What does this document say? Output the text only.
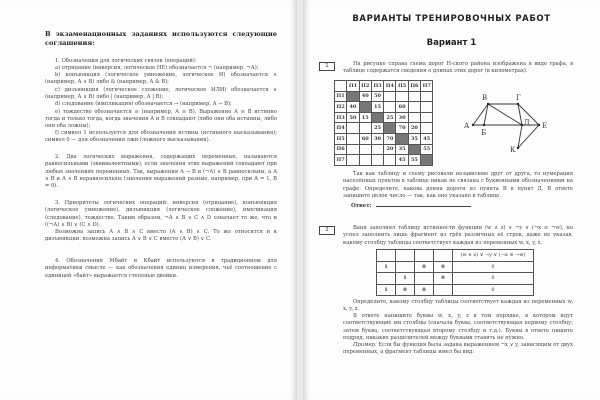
В экзаменационных заданиях используются следующие соглашения:
1. Обозначения для логических связок (операций):
a) отрицание (инверсия, логическое НЕ) обозначается ¬ (например, ¬А);
b) конъюнкция (логическое умножение, логическое И) обозначается ∧ (например, А ∧ В) либо & (например, А & В);
c) дизъюнкция (логическое сложение, логическое ИЛИ) обозначается ∨ (например, А ∨ В) либо | (например, А | В);
d) следование (импликация) обозначается → (например, А → В);
e) тождество обозначается ≡ (например, А ≡ В). Выражение А ≡ В истинно тогда и только тогда, когда значения А и В совпадают (либо они оба истинны, либо они оба ложны);
f) символ 1 используется для обозначения истины (истинного высказывания); символ 0 — для обозначения лжи (ложного высказывания).
2. Два логических выражения, содержащих переменные, называются равносильными (эквивалентными), если значения этих выражений совпадают при любых значениях переменных. Так, выражения А → В и (¬А) ∨ В равносильны, а А ∨ В и А ∧ В неравносильны (значения выражений разные, например, при А = 1, В = 0).
3. Приоритеты логических операций: инверсия (отрицание), конъюнкция (логическое умножение), дизъюнкция (логическое сложение), импликация (следование), тождество. Таким образом, ¬А ∧ В ∨ С ∧ D означает то же, что и ((¬А) ∧ В) ∨ (С ∧ D).
Возможна запись А ∧ В ∧ С вместо (А ∧ В) ∧ С. То же относится и к дизъюнкции: возможна запись А ∨ В ∨ С вместо (А ∨ В) ∨ С.
4. Обозначения Мбайт и Кбайт используются в традиционном для информатики смысле — как обозначения единиц измерения, чьё соотношение с единицей «байт» выражается степенью двойки.
ВАРИАНТЫ ТРЕНИРОВОЧНЫХ РАБОТ
Вариант 1
1	На рисунке справа схема дорог Н-ского района изображена в виде графа, в таблице содержатся сведения о длинах этих дорог (в километрах).
	П1	П2	П3	П4	П5	П6	П7
П1		40	50				
П2	40		15		60		
П3	50	15		25	30		
П4			25		70	20	
П5		60	30	70		35	45
П6				20	35		55
П7					45	55	
А
Б
В	Г
Д Е
К
Так как таблицу и схему рисовали независимо друг от друга, то нумерация населённых пунктов в таблице никак не связана с буквенными обозначениями на графе. Определите, какова длина дороги из пункта В в пункт Д. В ответе запишите целое число — так, как оно указано в таблице.
Ответ:
2	Ваня заполнял таблицу истинности функции (w ∧ z) ∨ ¬y ∨ (¬x ≡ ¬w), но успел заполнить лишь фрагмент из трёх различных её строк, даже не указав, какому столбцу таблицы соответствует каждая из переменных w, x, y, z.
				(w ∧ z) ∨ ¬y ∨ (¬x ≡ ¬w)
1		0	0	0
	1		0	0
1	0	0		0
Определите, какому столбцу таблицы соответствует каждая из переменных w, x, y, z.
В ответе напишите буквы w, x, y, z в том порядке, в котором идут соответствующие им столбцы (сначала буква, соответствующая первому столбцу; затем буква, соответствующая второму столбцу и т.д.). Буквы в ответе пишите подряд, никаких разделителей между буквами ставить не нужно.
Пример. Если бы функция была задана выражением ¬x ∨ y, зависящим от двух переменных, а фрагмент таблицы имел бы вид:
